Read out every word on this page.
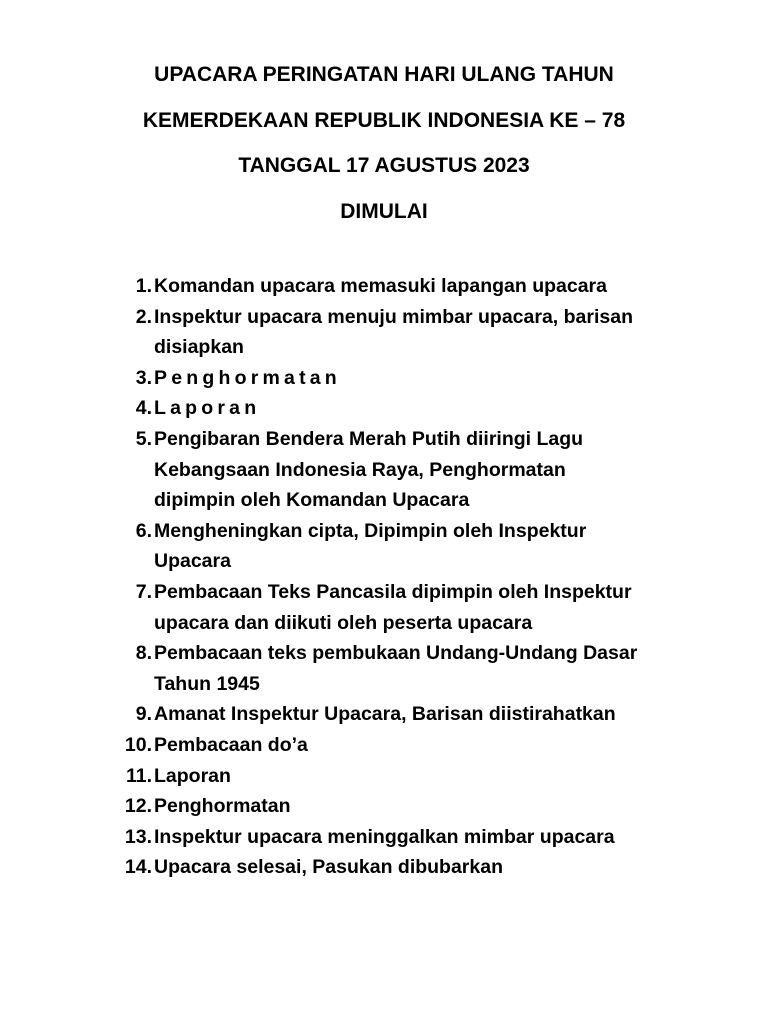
UPACARA PERINGATAN HARI ULANG TAHUN
KEMERDEKAAN REPUBLIK INDONESIA KE – 78
TANGGAL 17 AGUSTUS 2023
DIMULAI
1. Komandan upacara memasuki lapangan upacara
2. Inspektur upacara menuju mimbar upacara, barisan
disiapkan
3. Penghormatan
4. Laporan
5. Pengibaran Bendera Merah Putih diiringi Lagu
Kebangsaan Indonesia Raya, Penghormatan
dipimpin oleh Komandan Upacara
6. Mengheningkan cipta, Dipimpin oleh Inspektur
Upacara
7. Pembacaan Teks Pancasila dipimpin oleh Inspektur
upacara dan diikuti oleh peserta upacara
8. Pembacaan teks pembukaan Undang-Undang Dasar
Tahun 1945
9. Amanat Inspektur Upacara, Barisan diistirahatkan
10. Pembacaan do’a
11. Laporan
12. Penghormatan
13. Inspektur upacara meninggalkan mimbar upacara
14. Upacara selesai, Pasukan dibubarkan
